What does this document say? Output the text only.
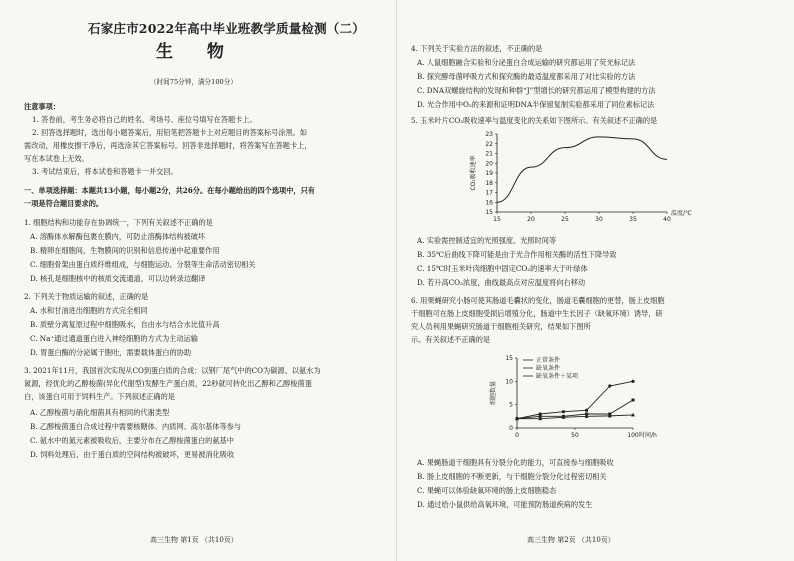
石家庄市2022年高中毕业班教学质量检测（二）
生 物
（时间75分钟，满分100分）
注意事项：
1. 答卷前，考生务必将自己的姓名、考场号、座位号填写在答题卡上。
2. 回答选择题时，选出每小题答案后，用铅笔把答题卡上对应题目的答案标号涂黑。如
需改动，用橡皮擦干净后，再选涂其它答案标号。回答非选择题时，将答案写在答题卡上，
写在本试卷上无效。
3. 考试结束后，将本试卷和答题卡一并交回。
一、单项选择题：本题共13小题，每小题2分，共26分。在每小题给出的四个选项中，只有
一项是符合题目要求的。
1. 细胞结构和功能存在协调统一，下列有关叙述不正确的是
A. 溶酶体水解酶包裹在膜内，可防止溶酶体结构被破坏
B. 精卵在细胞间，生物膜间的识别和信息传递中起重要作用
C. 细胞骨架由蛋白质纤维组成，与细胞运动、分裂等生命活动密切相关
D. 核孔是细胞核中的核质交流通道，可以边转录边翻译
2. 下列关于物质运输的叙述，正确的是
A. 水和甘油进出细胞的方式完全相同
B. 质壁分离复原过程中细胞吸水，自由水与结合水比值升高
C. Na⁺通过通道蛋白进入神经细胞的方式为主动运输
D. 胃蛋白酶的分泌属于胞吐，需要载体蛋白的协助
3. 2021年11月，我国首次实现从CO到蛋白质的合成：以钢厂尾气中的CO为碳源、以氨水为
氮源，经优化的乙醇梭菌(异化代谢型)发酵生产蛋白质，22秒就可转化出乙醇和乙醇梭菌蛋
白，该蛋白可用于饲料生产。下列叙述正确的是
A. 乙醇梭菌与硝化细菌具有相同的代谢类型
B. 乙醇梭菌蛋白合成过程中需要核糖体、内质网、高尔基体等参与
C. 氨水中的氮元素被吸收后，主要分布在乙醇梭菌蛋白的氨基中
D. 饲料处理后，由于蛋白质的空间结构被破坏，更易被消化吸收
高三生物 第1页 （共10页）
4. 下列关于实验方法的叙述，不正确的是
A. 人鼠细胞融合实验和分泌蛋白合成运输的研究都运用了荧光标记法
B. 探究酵母菌呼吸方式和探究酶的最适温度都采用了对比实验的方法
C. DNA双螺旋结构的发现和种群“J”型增长的研究都运用了模型构建的方法
D. 光合作用中O₂的来源和证明DNA半保留复制实验都采用了同位素标记法
5. 玉米叶片CO₂吸收速率与温度变化的关系如下图所示。有关叙述不正确的是
15
16
17
18
19
20
21
22
23
15	20	25	30	35	40
温度/℃
CO₂吸收速率
A. 实验需控制适宜的光照强度、光照时间等
B. 35℃后曲线下降可能是由于光合作用相关酶的活性下降导致
C. 15℃时玉米叶肉细胞中固定CO₂的速率大于叶绿体
D. 若升高CO₂浓度，曲线最高点对应温度将向右移动
6. 用果蝇研究小肠可使其肠道毛囊状的变化，肠道毛囊细胞的更替，肠上皮细胞
干细胞可在肠上皮细胞受损后增殖分化，肠道中生长因子（缺氧环境）诱导，研
究人员利用果蝇研究肠道干细胞相关研究，结果如下图所
示。有关叙述不正确的是
0
5
10
15
0	50	100 时间/h
细胞数量
正常条件
缺氧条件
缺氧条件＋某项
A. 果蝇肠道干细胞具有分裂分化的能力，可直接参与细胞吸收
B. 肠上皮细胞的不断更新，与干细胞分裂分化过程密切相关
C. 果蝇可以体验缺氧环境的肠上皮细胞稳态
D. 通过给小鼠供给高氧环境，可能预防肠道疾病的发生
高三生物 第2页 （共10页）
